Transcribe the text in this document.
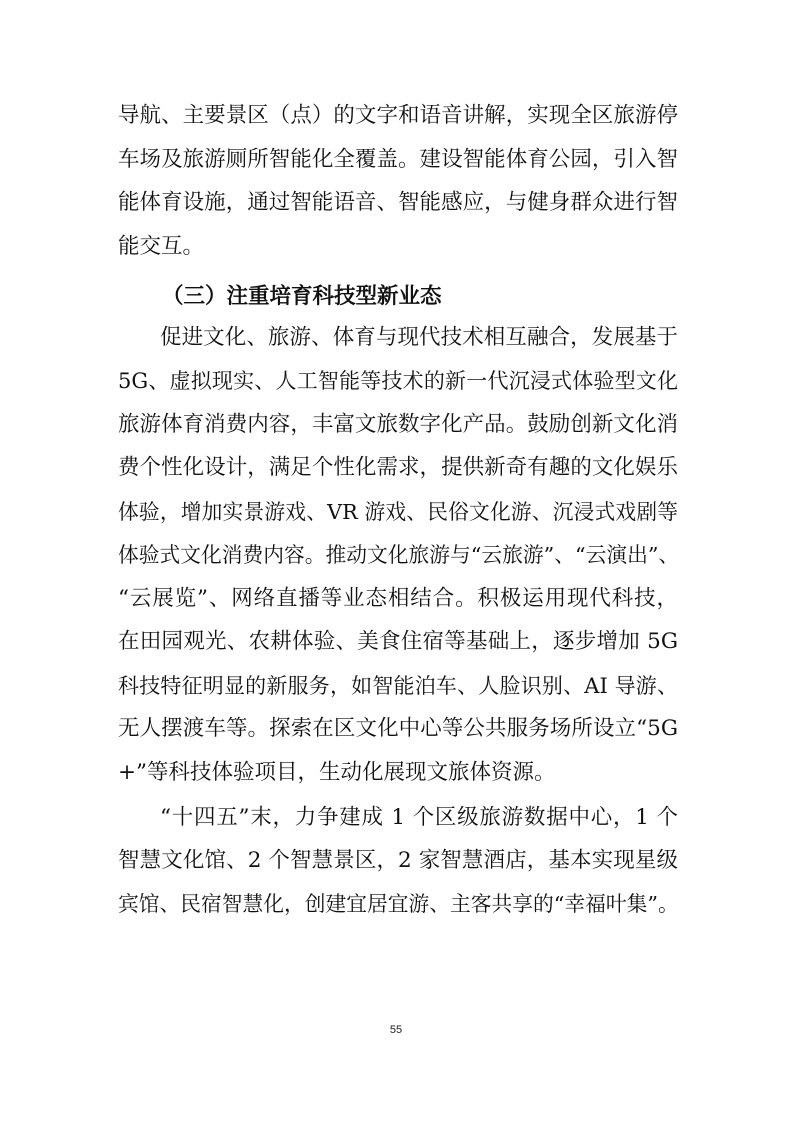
导航、主要景区（点）的文字和语音讲解，实现全区旅游停
车场及旅游厕所智能化全覆盖。建设智能体育公园，引入智
能体育设施，通过智能语音、智能感应，与健身群众进行智
能交互。
（三）注重培育科技型新业态
促进文化、旅游、体育与现代技术相互融合，发展基于
5G、虚拟现实、人工智能等技术的新一代沉浸式体验型文化
旅游体育消费内容，丰富文旅数字化产品。鼓励创新文化消
费个性化设计，满足个性化需求，提供新奇有趣的文化娱乐
体验，增加实景游戏、VR 游戏、民俗文化游、沉浸式戏剧等
体验式文化消费内容。推动文化旅游与“云旅游”、“云演出”、
“云展览”、网络直播等业态相结合。积极运用现代科技，
在田园观光、农耕体验、美食住宿等基础上，逐步增加 5G
科技特征明显的新服务，如智能泊车、人脸识别、AI 导游、
无人摆渡车等。探索在区文化中心等公共服务场所设立“5G
+”等科技体验项目，生动化展现文旅体资源。
“十四五”末，力争建成 1 个区级旅游数据中心，1 个
智慧文化馆、2 个智慧景区，2 家智慧酒店，基本实现星级
宾馆、民宿智慧化，创建宜居宜游、主客共享的“幸福叶集”。
55
